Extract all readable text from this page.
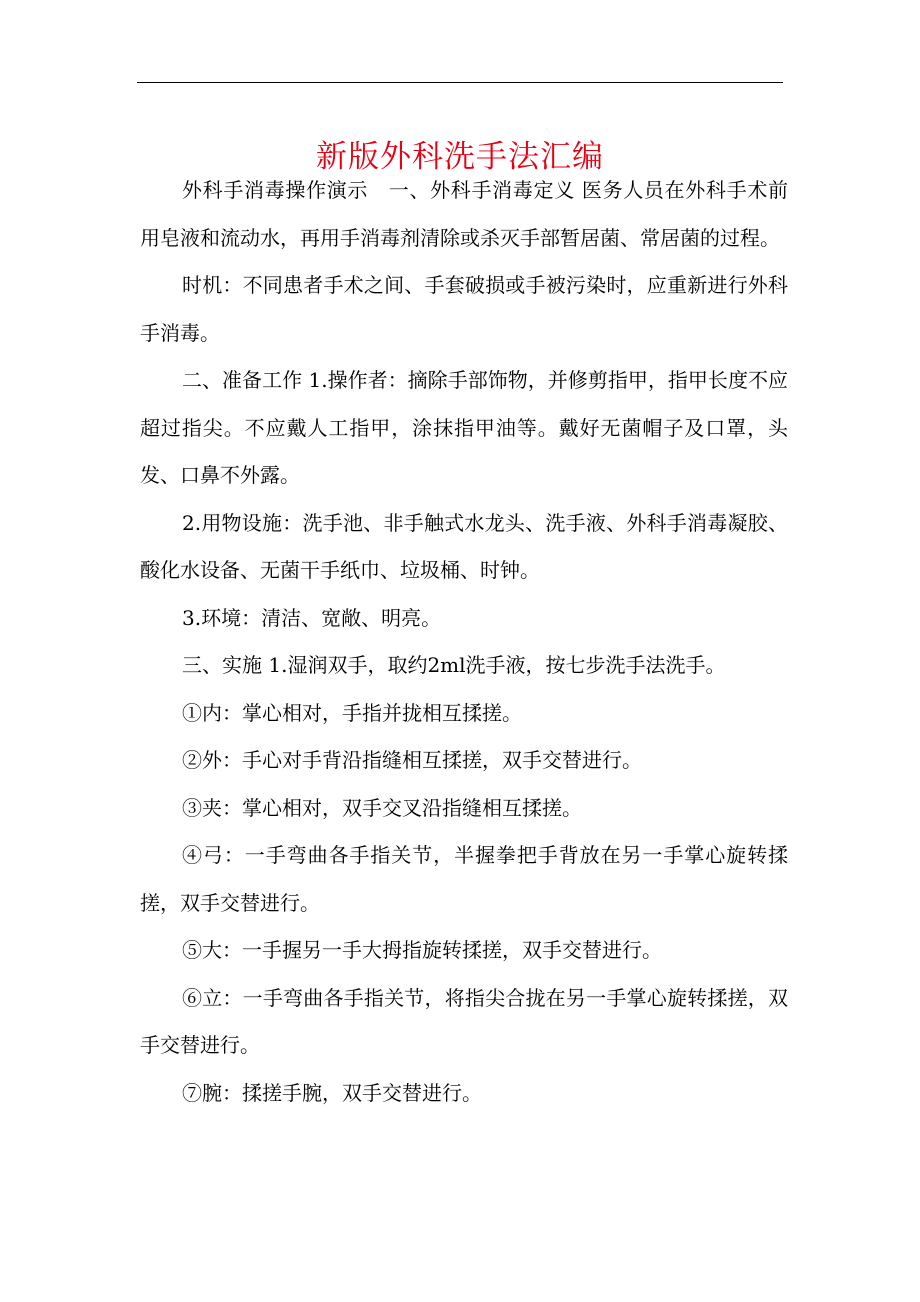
新版外科洗手法汇编

外科手消毒操作演示　一、外科手消毒定义 医务人员在外科手术前用皂液和流动水，再用手消毒剂清除或杀灭手部暂居菌、常居菌的过程。

时机：不同患者手术之间、手套破损或手被污染时，应重新进行外科手消毒。

二、准备工作 1.操作者：摘除手部饰物，并修剪指甲，指甲长度不应超过指尖。不应戴人工指甲，涂抹指甲油等。戴好无菌帽子及口罩，头发、口鼻不外露。

2.用物设施：洗手池、非手触式水龙头、洗手液、外科手消毒凝胶、酸化水设备、无菌干手纸巾、垃圾桶、时钟。

3.环境：清洁、宽敞、明亮。

三、实施 1.湿润双手，取约2ml洗手液，按七步洗手法洗手。

①内：掌心相对，手指并拢相互揉搓。

②外：手心对手背沿指缝相互揉搓，双手交替进行。

③夹：掌心相对，双手交叉沿指缝相互揉搓。

④弓：一手弯曲各手指关节，半握拳把手背放在另一手掌心旋转揉搓，双手交替进行。

⑤大：一手握另一手大拇指旋转揉搓，双手交替进行。

⑥立：一手弯曲各手指关节，将指尖合拢在另一手掌心旋转揉搓，双手交替进行。

⑦腕：揉搓手腕，双手交替进行。
